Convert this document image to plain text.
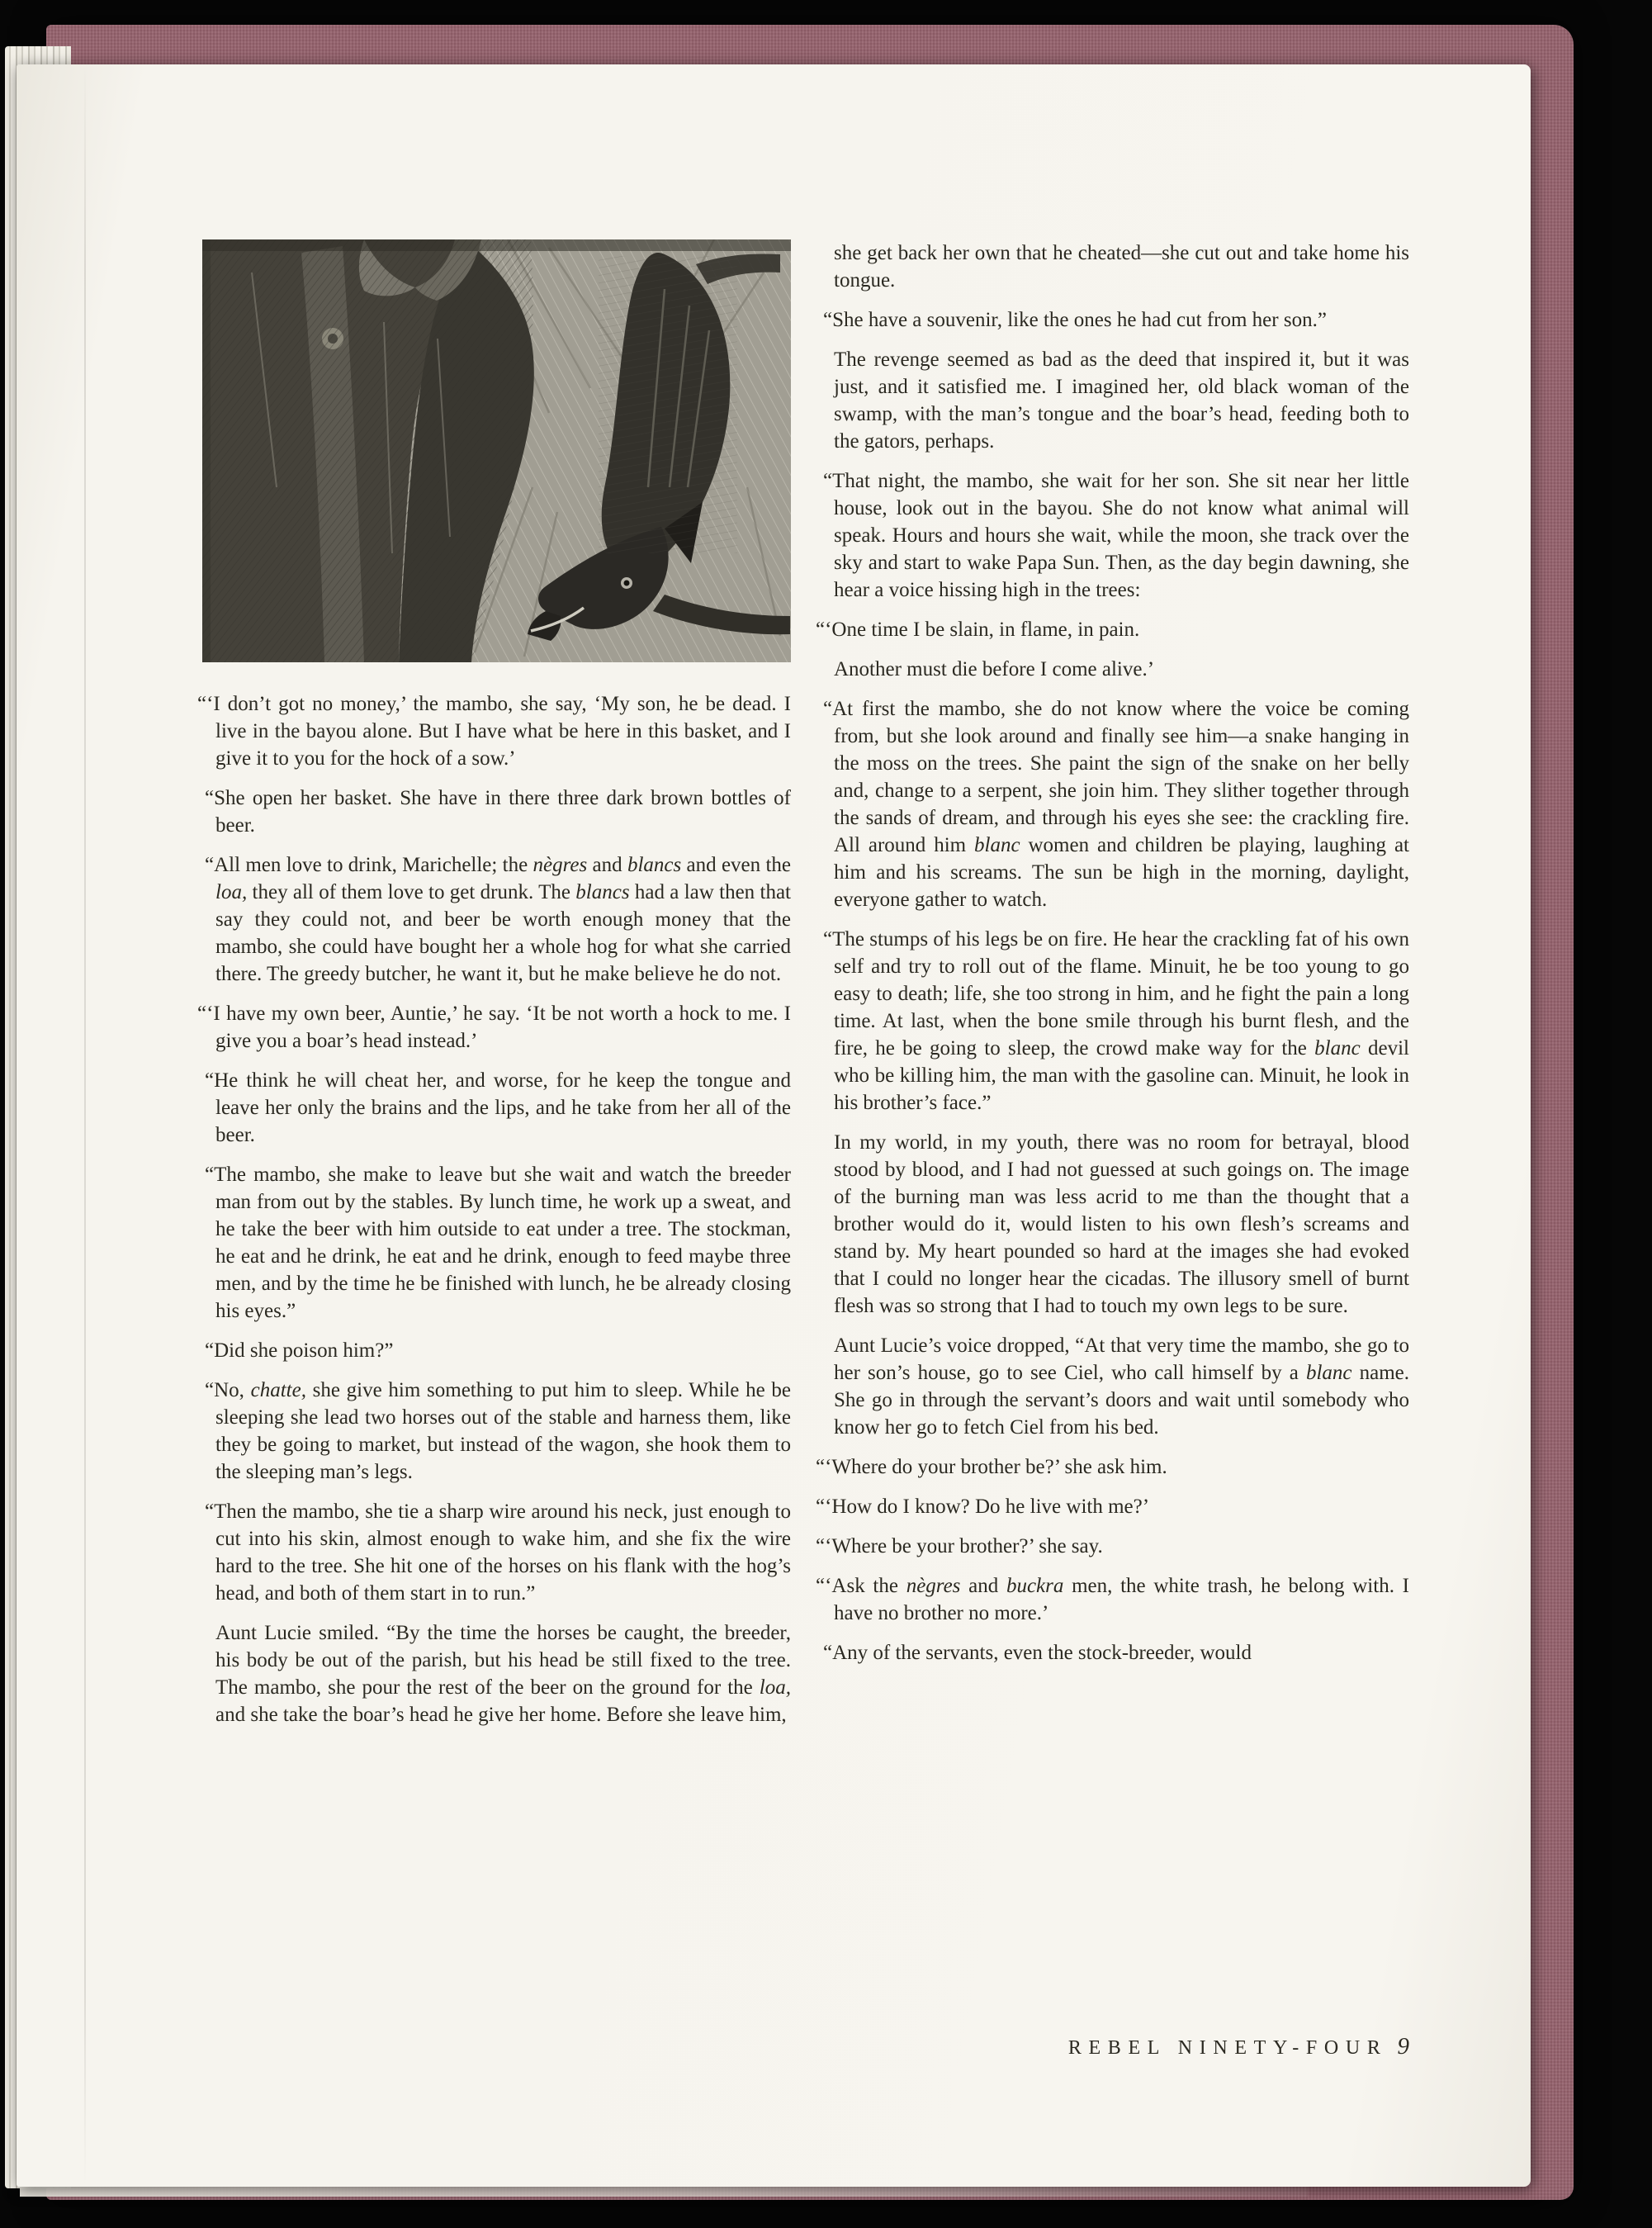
“‘I don’t got no money,’ the mambo, she say, ‘My son, he be dead. I live in the bayou alone. But I have what be here in this basket, and I give it to you for the hock of a sow.’

“She open her basket. She have in there three dark brown bottles of beer.

“All men love to drink, Marichelle; the nègres and blancs and even the loa, they all of them love to get drunk. The blancs had a law then that say they could not, and beer be worth enough money that the mambo, she could have bought her a whole hog for what she carried there. The greedy butcher, he want it, but he make believe he do not.

“‘I have my own beer, Auntie,’ he say. ‘It be not worth a hock to me. I give you a boar’s head instead.’

“He think he will cheat her, and worse, for he keep the tongue and leave her only the brains and the lips, and he take from her all of the beer.

“The mambo, she make to leave but she wait and watch the breeder man from out by the stables. By lunch time, he work up a sweat, and he take the beer with him outside to eat under a tree. The stockman, he eat and he drink, he eat and he drink, enough to feed maybe three men, and by the time he be finished with lunch, he be already closing his eyes.”

“Did she poison him?”

“No, chatte, she give him something to put him to sleep. While he be sleeping she lead two horses out of the stable and harness them, like they be going to market, but instead of the wagon, she hook them to the sleeping man’s legs.

“Then the mambo, she tie a sharp wire around his neck, just enough to cut into his skin, almost enough to wake him, and she fix the wire hard to the tree. She hit one of the horses on his flank with the hog’s head, and both of them start in to run.”

Aunt Lucie smiled. “By the time the horses be caught, the breeder, his body be out of the parish, but his head be still fixed to the tree. The mambo, she pour the rest of the beer on the ground for the loa, and she take the boar’s head he give her home. Before she leave him,

she get back her own that he cheated—she cut out and take home his tongue.

“She have a souvenir, like the ones he had cut from her son.”

The revenge seemed as bad as the deed that inspired it, but it was just, and it satisfied me. I imagined her, old black woman of the swamp, with the man’s tongue and the boar’s head, feeding both to the gators, perhaps.

“That night, the mambo, she wait for her son. She sit near her little house, look out in the bayou. She do not know what animal will speak. Hours and hours she wait, while the moon, she track over the sky and start to wake Papa Sun. Then, as the day begin dawning, she hear a voice hissing high in the trees:

“‘One time I be slain, in flame, in pain.

Another must die before I come alive.’

“At first the mambo, she do not know where the voice be coming from, but she look around and finally see him—a snake hanging in the moss on the trees. She paint the sign of the snake on her belly and, change to a serpent, she join him. They slither together through the sands of dream, and through his eyes she see: the crackling fire. All around him blanc women and children be playing, laughing at him and his screams. The sun be high in the morning, daylight, everyone gather to watch.

“The stumps of his legs be on fire. He hear the crackling fat of his own self and try to roll out of the flame. Minuit, he be too young to go easy to death; life, she too strong in him, and he fight the pain a long time. At last, when the bone smile through his burnt flesh, and the fire, he be going to sleep, the crowd make way for the blanc devil who be killing him, the man with the gasoline can. Minuit, he look in his brother’s face.”

In my world, in my youth, there was no room for betrayal, blood stood by blood, and I had not guessed at such goings on. The image of the burning man was less acrid to me than the thought that a brother would do it, would listen to his own flesh’s screams and stand by. My heart pounded so hard at the images she had evoked that I could no longer hear the cicadas. The illusory smell of burnt flesh was so strong that I had to touch my own legs to be sure.

Aunt Lucie’s voice dropped, “At that very time the mambo, she go to her son’s house, go to see Ciel, who call himself by a blanc name. She go in through the servant’s doors and wait until somebody who know her go to fetch Ciel from his bed.

“‘Where do your brother be?’ she ask him.

“‘How do I know? Do he live with me?’

“‘Where be your brother?’ she say.

“‘Ask the nègres and buckra men, the white trash, he belong with. I have no brother no more.’

“Any of the servants, even the stock-breeder, would

REBEL NINETY-FOUR 9
